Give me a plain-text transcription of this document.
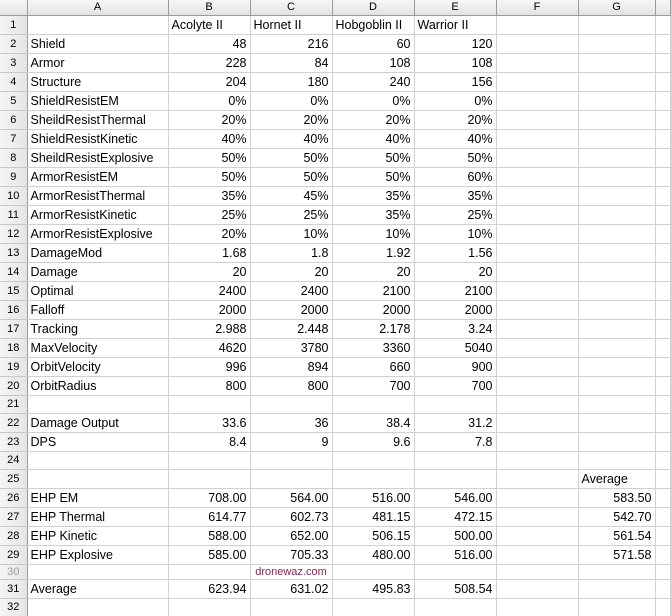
	A	B	C	D	E	F	G	
1		Acolyte II	Hornet II	Hobgoblin II	Warrior II			
2	Shield	48	216	60	120			
3	Armor	228	84	108	108			
4	Structure	204	180	240	156			
5	ShieldResistEM	0%	0%	0%	0%			
6	SheildResistThermal	20%	20%	20%	20%			
7	ShieldResistKinetic	40%	40%	40%	40%			
8	SheildResistExplosive	50%	50%	50%	50%			
9	ArmorResistEM	50%	50%	50%	60%			
10	ArmorResistThermal	35%	45%	35%	35%			
11	ArmorResistKinetic	25%	25%	35%	25%			
12	ArmorResistExplosive	20%	10%	10%	10%			
13	DamageMod	1.68	1.8	1.92	1.56			
14	Damage	20	20	20	20			
15	Optimal	2400	2400	2100	2100			
16	Falloff	2000	2000	2000	2000			
17	Tracking	2.988	2.448	2.178	3.24			
18	MaxVelocity	4620	3780	3360	5040			
19	OrbitVelocity	996	894	660	900			
20	OrbitRadius	800	800	700	700			
21								
22	Damage Output	33.6	36	38.4	31.2			
23	DPS	8.4	9	9.6	7.8			
24								
25							Average	
26	EHP EM	708.00	564.00	516.00	546.00		583.50	
27	EHP Thermal	614.77	602.73	481.15	472.15		542.70	
28	EHP Kinetic	588.00	652.00	506.15	500.00		561.54	
29	EHP Explosive	585.00	705.33	480.00	516.00		571.58	
30			dronewaz.com					
31	Average	623.94	631.02	495.83	508.54			
32								
